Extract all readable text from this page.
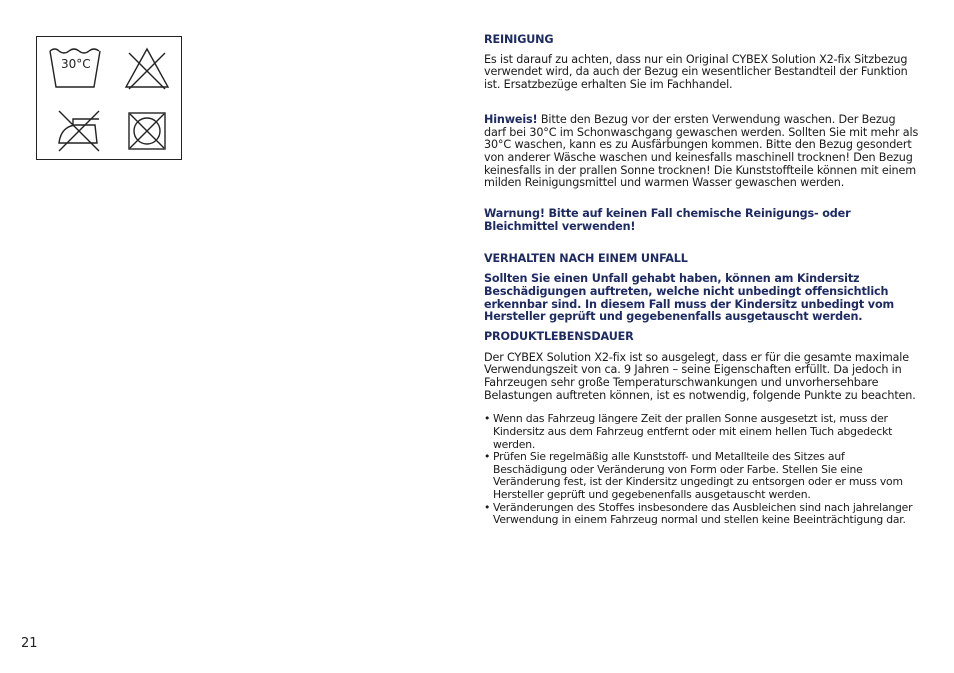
30°C
21

REINIGUNG

Es ist darauf zu achten, dass nur ein Original CYBEX Solution X2-fix Sitzbezug verwendet wird, da auch der Bezug ein wesentlicher Bestandteil der Funktion ist. Ersatzbezüge erhalten Sie im Fachhandel.

Hinweis! Bitte den Bezug vor der ersten Verwendung waschen. Der Bezug darf bei 30°C im Schonwaschgang gewaschen werden. Sollten Sie mit mehr als 30°C waschen, kann es zu Ausfärbungen kommen. Bitte den Bezug gesondert von anderer Wäsche waschen und keinesfalls maschinell trocknen! Den Bezug keinesfalls in der prallen Sonne trocknen! Die Kunststoffteile können mit einem milden Reinigungsmittel und warmen Wasser gewaschen werden.

Warnung! Bitte auf keinen Fall chemische Reinigungs- oder Bleichmittel verwenden!

VERHALTEN NACH EINEM UNFALL

Sollten Sie einen Unfall gehabt haben, können am Kindersitz Beschädigungen auftreten, welche nicht unbedingt offensichtlich erkennbar sind. In diesem Fall muss der Kindersitz unbedingt vom Hersteller geprüft und gegebenenfalls ausgetauscht werden.

PRODUKTLEBENSDAUER

Der CYBEX Solution X2-fix ist so ausgelegt, dass er für die gesamte maximale Verwendungszeit von ca. 9 Jahren – seine Eigenschaften erfüllt. Da jedoch in Fahrzeugen sehr große Temperaturschwankungen und unvorhersehbare Belastungen auftreten können, ist es notwendig, folgende Punkte zu beachten.

• Wenn das Fahrzeug längere Zeit der prallen Sonne ausgesetzt ist, muss der Kindersitz aus dem Fahrzeug entfernt oder mit einem hellen Tuch abgedeckt werden.
• Prüfen Sie regelmäßig alle Kunststoff- und Metallteile des Sitzes auf Beschädigung oder Veränderung von Form oder Farbe. Stellen Sie eine Veränderung fest, ist der Kindersitz ungedingt zu entsorgen oder er muss vom Hersteller geprüft und gegebenenfalls ausgetauscht werden.
• Veränderungen des Stoffes insbesondere das Ausbleichen sind nach jahrelanger Verwendung in einem Fahrzeug normal und stellen keine Beeinträchtigung dar.
